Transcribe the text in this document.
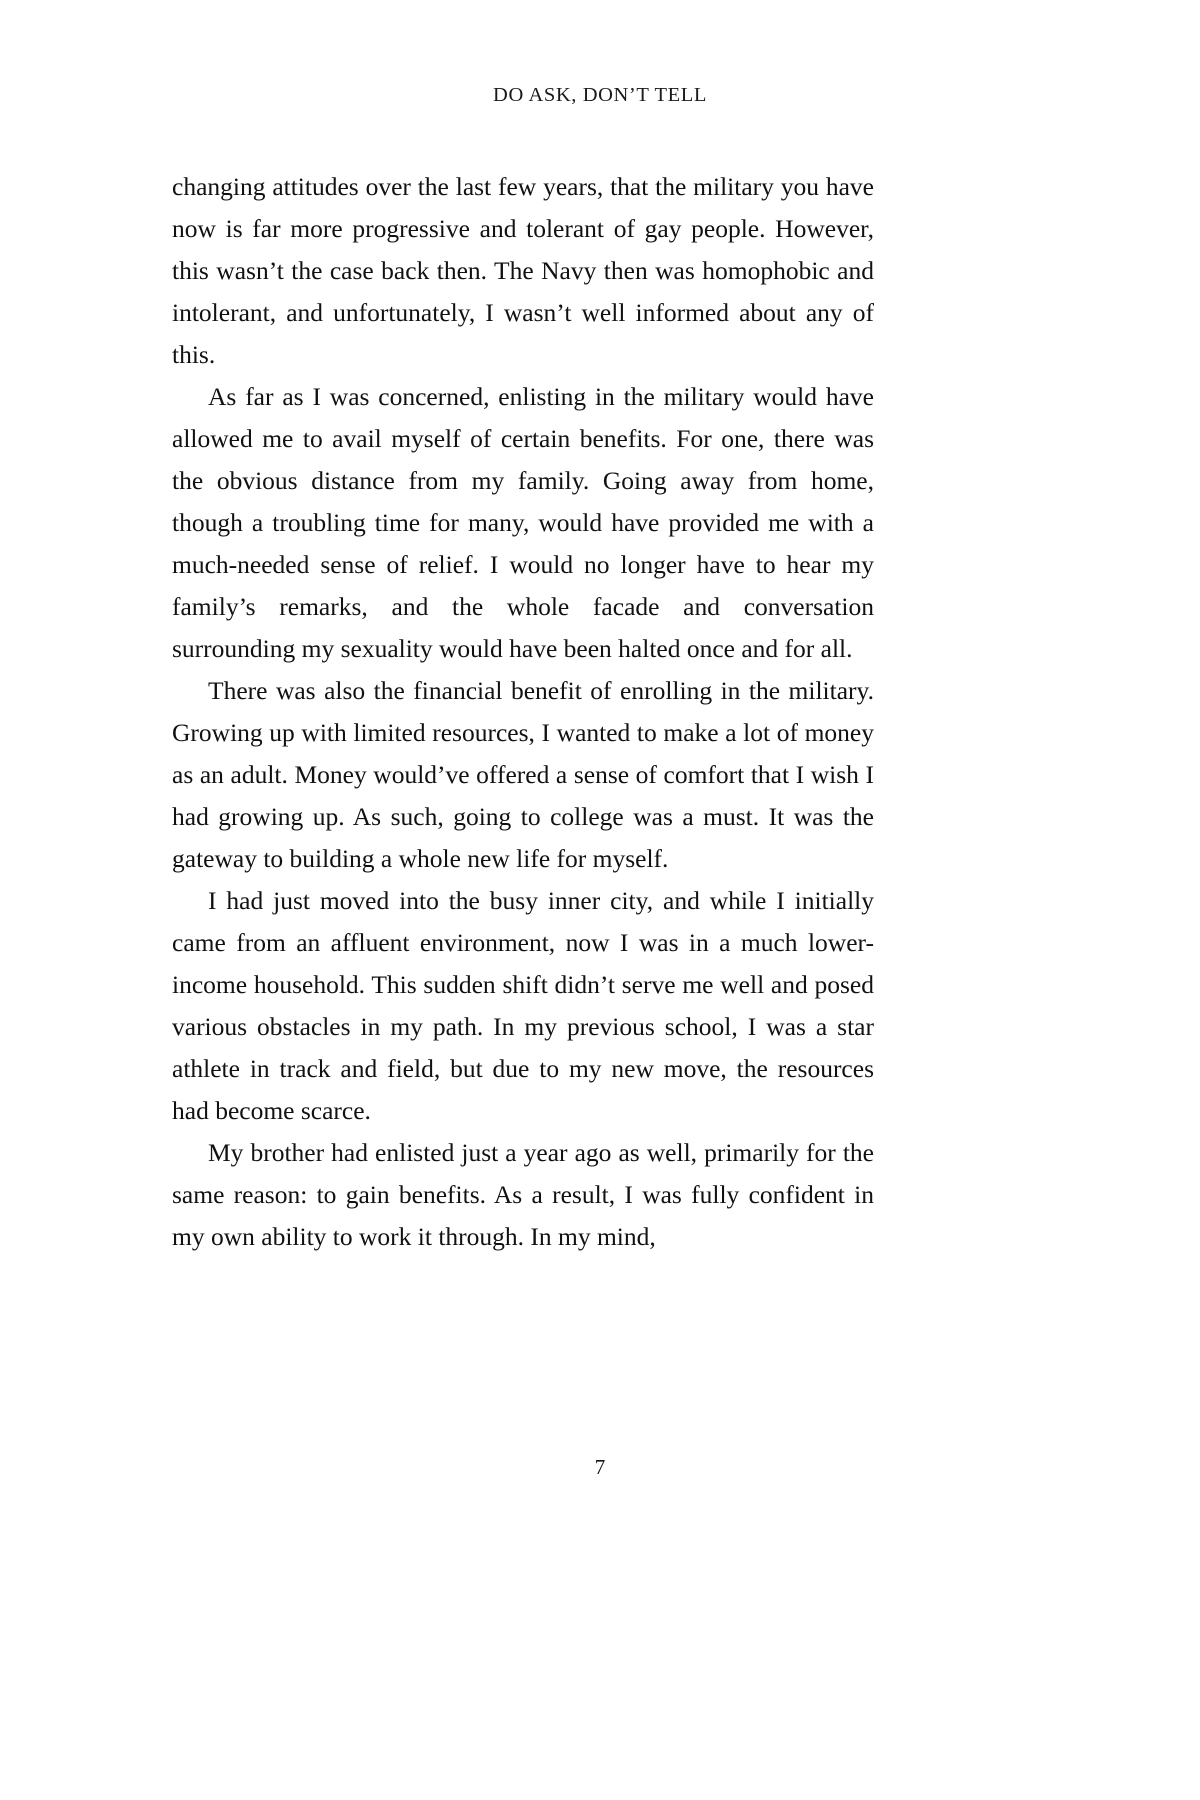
DO ASK, DON’T TELL

changing attitudes over the last few years, that the military you have now is far more progressive and tolerant of gay people. However, this wasn’t the case back then. The Navy then was homophobic and intolerant, and unfortunately, I wasn’t well informed about any of this.

As far as I was concerned, enlisting in the military would have allowed me to avail myself of certain benefits. For one, there was the obvious distance from my family. Going away from home, though a troubling time for many, would have provided me with a much-needed sense of relief. I would no longer have to hear my family’s remarks, and the whole facade and conversation surrounding my sexuality would have been halted once and for all.

There was also the financial benefit of enrolling in the military. Growing up with limited resources, I wanted to make a lot of money as an adult. Money would’ve offered a sense of comfort that I wish I had growing up. As such, going to college was a must. It was the gateway to building a whole new life for myself.

I had just moved into the busy inner city, and while I initially came from an affluent environment, now I was in a much lower-income household. This sudden shift didn’t serve me well and posed various obstacles in my path. In my previous school, I was a star athlete in track and field, but due to my new move, the resources had become scarce.

My brother had enlisted just a year ago as well, primarily for the same reason: to gain benefits. As a result, I was fully confident in my own ability to work it through. In my mind,

7
